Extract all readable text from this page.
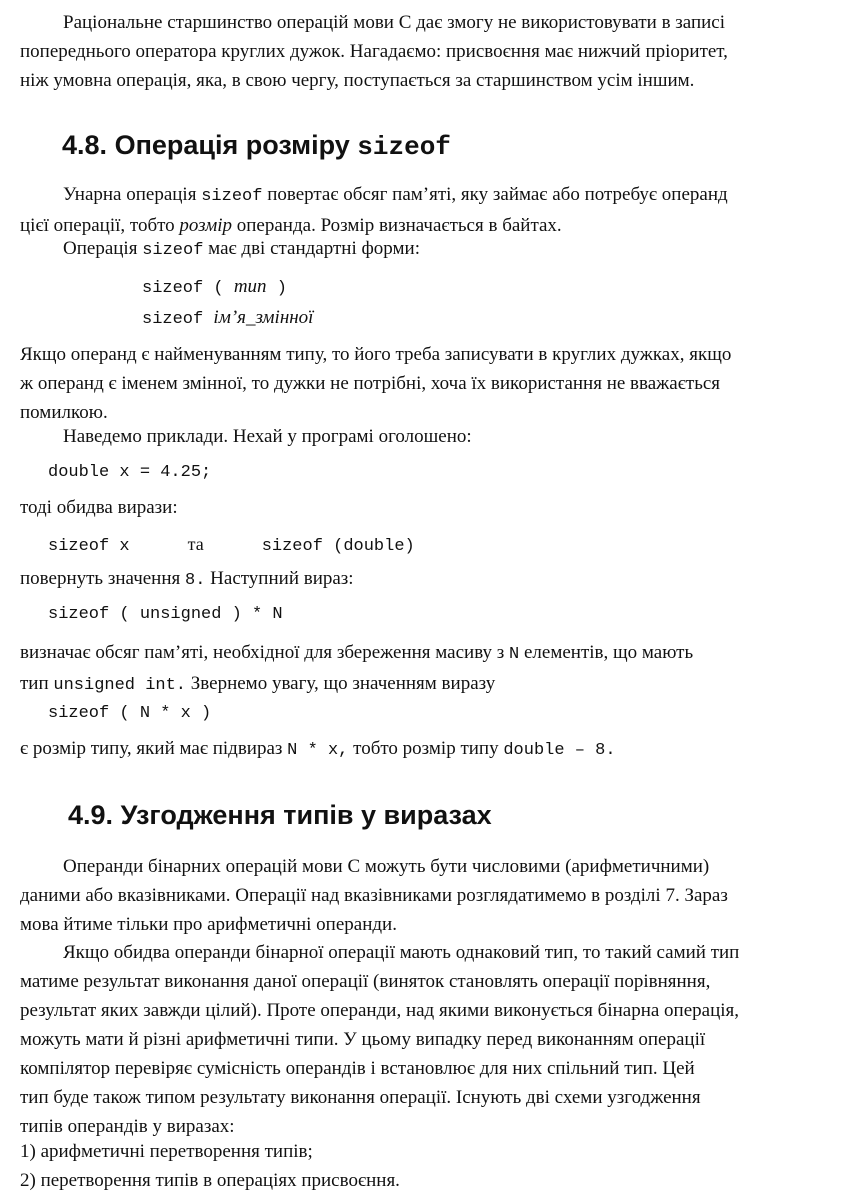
Раціональне старшинство операцій мови С дає змогу не використовувати в записі
попереднього оператора круглих дужок. Нагадаємо: присвоєння має нижчий пріоритет,
ніж умовна операція, яка, в свою чергу, поступається за старшинством усім іншим.
4.8. Операція розміру sizeof
Унарна операція sizeof повертає обсяг пам’яті, яку займає або потребує операнд
цієї операції, тобто розмір операнда. Розмір визначається в байтах.
Операція sizeof має дві стандартні форми:
sizeof ( тип )
sizeof ім’я_змінної
Якщо операнд є найменуванням типу, то його треба записувати в круглих дужках, якщо
ж операнд є іменем змінної, то дужки не потрібні, хоча їх використання не вважається
помилкою.
Наведемо приклади. Нехай у програмі оголошено:
double x = 4.25;
тоді обидва вирази:
sizeof x	та	sizeof (double)
повернуть значення 8. Наступний вираз:
sizeof ( unsigned ) * N
визначає обсяг пам’яті, необхідної для збереження масиву з N елементів, що мають
тип unsigned int. Звернемо увагу, що значенням виразу
sizeof ( N * x )
є розмір типу, який має підвираз N * x, тобто розмір типу double – 8.
4.9. Узгодження типів у виразах
Операнди бінарних операцій мови С можуть бути числовими (арифметичними)
даними або вказівниками. Операції над вказівниками розглядатимемо в розділі 7. Зараз
мова йтиме тільки про арифметичні операнди.
Якщо обидва операнди бінарної операції мають однаковий тип, то такий самий тип
матиме результат виконання даної операції (виняток становлять операції порівняння,
результат яких завжди цілий). Проте операнди, над якими виконується бінарна операція,
можуть мати й різні арифметичні типи. У цьому випадку перед виконанням операції
компілятор перевіряє сумісність операндів і встановлює для них спільний тип. Цей
тип буде також типом результату виконання операції. Існують дві схеми узгодження
типів операндів у виразах:
1) арифметичні перетворення типів;
2) перетворення типів в операціях присвоєння.
